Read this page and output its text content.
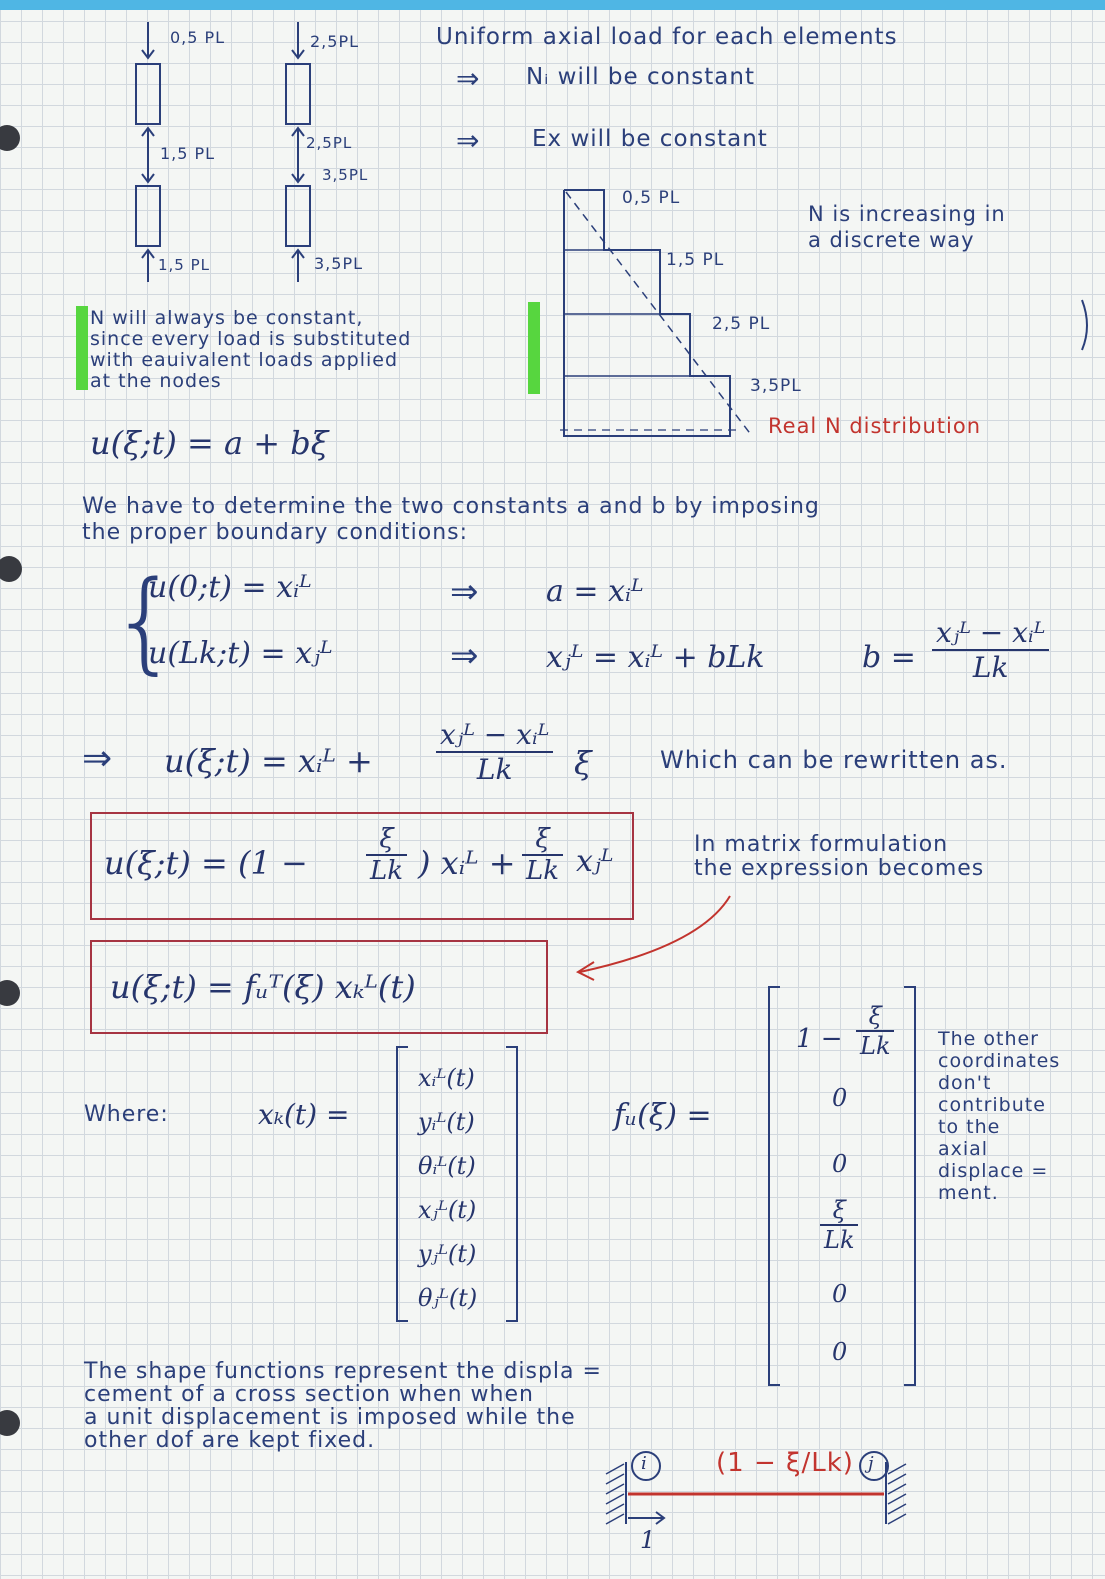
0,5 PL	2,5PL
1,5 PL
2,5PL
3,5PL
1,5 PL	3,5PL
Uniform axial load for each elements
⇒ Nᵢ will be constant
⇒ Ex will be constant
0,5 PL
1,5 PL
2,5 PL
3,5PL
Real N distribution
N is increasing in
a discrete way
N will always be constant,
since every load is substituted
with eauivalent loads applied
at the nodes
u(ξ;t) = a + bξ
We have to determine the two constants a and b by imposing
the proper boundary conditions:
{
u(0;t) = xᵢᴸ	⇒ a = xᵢᴸ
u(Lk;t) = xⱼᴸ	⇒ xⱼᴸ = xᵢᴸ + bLk	b =
xⱼᴸ − xᵢᴸ
Lk
⇒ u(ξ;t) = xᵢᴸ +
xⱼᴸ − xᵢᴸ
Lk	ξ	Which can be rewritten as.
u(ξ;t) = ($1 - \frac{\xi}{Lk}$ ) xᵢᴸ + $\frac{\xi}{Lk}$ xⱼᴸ	In matrix formulation
the expression becomes
u(ξ;t) = fᵤᵀ(ξ) xₖᴸ(t)
Where:	xₖ(t) =
xᵢᴸ(t)
yᵢᴸ(t)
θᵢᴸ(t)
xⱼᴸ(t)
yⱼᴸ(t)
θⱼᴸ(t)
fᵤ(ξ) =
$1 - \frac{\xi}{Lk}$
0
0
$\frac{\xi}{Lk}$
0
0
The other
coordinates
don't
contribute
to the
axial
displace =
ment.
The shape functions represent the displa =
cement of a cross section when when
a unit displacement is imposed while the
other dof are kept fixed.
i	j
(1 − ξ/Lk)
1
